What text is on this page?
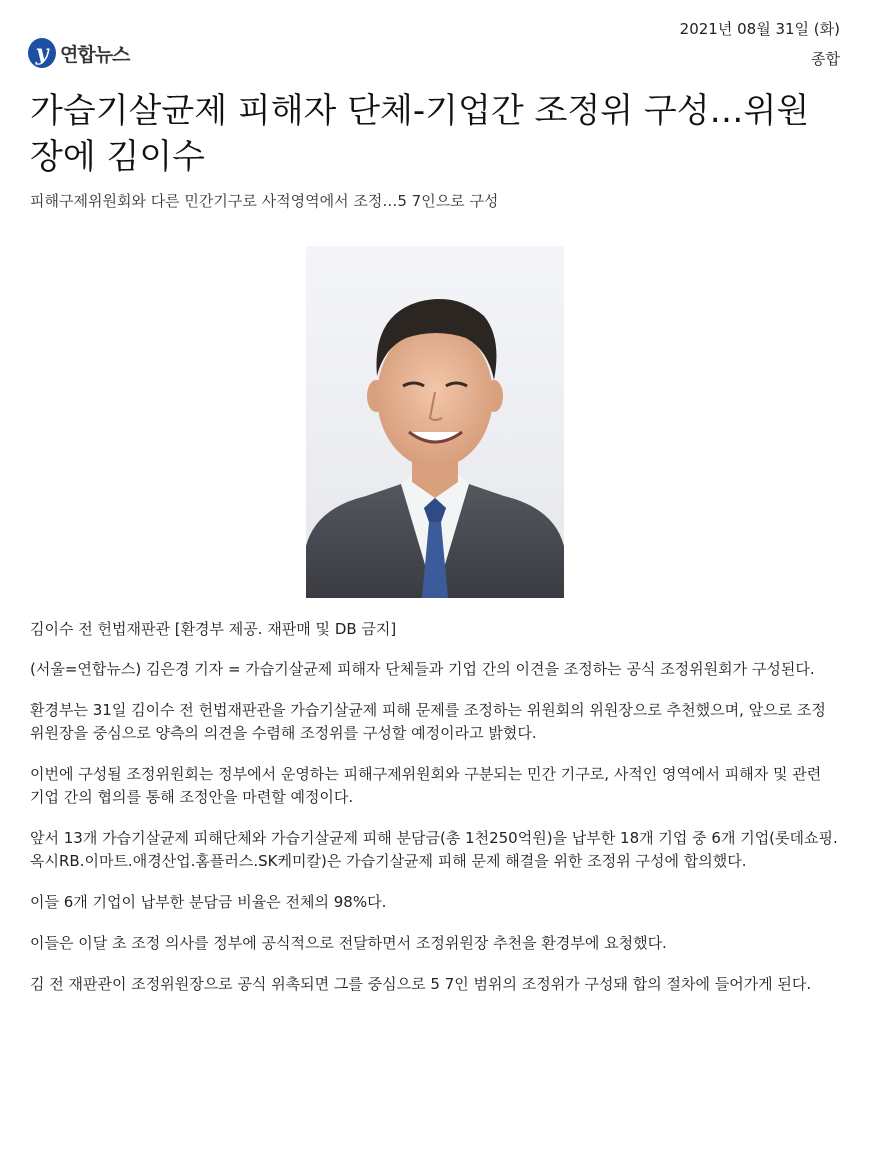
y 연합뉴스
2021년 08월 31일 (화)
종합
가습기살균제 피해자 단체-기업간 조정위 구성…위원장에 김이수

피해구제위원회와 다른 민간기구로 사적영역에서 조정…5 7인으로 구성

김이수 전 헌법재판관 [환경부 제공. 재판매 및 DB 금지]

(서울=연합뉴스) 김은경 기자 = 가습기살균제 피해자 단체들과 기업 간의 이견을 조정하는 공식 조정위원회가 구성된다.

환경부는 31일 김이수 전 헌법재판관을 가습기살균제 피해 문제를 조정하는 위원회의 위원장으로 추천했으며, 앞으로 조정위원장을 중심으로 양측의 의견을 수렴해 조정위를 구성할 예정이라고 밝혔다.

이번에 구성될 조정위원회는 정부에서 운영하는 피해구제위원회와 구분되는 민간 기구로, 사적인 영역에서 피해자 및 관련 기업 간의 협의를 통해 조정안을 마련할 예정이다.

앞서 13개 가습기살균제 피해단체와 가습기살균제 피해 분담금(총 1천250억원)을 납부한 18개 기업 중 6개 기업(롯데쇼핑.옥시RB.이마트.애경산업.홈플러스.SK케미칼)은 가습기살균제 피해 문제 해결을 위한 조정위 구성에 합의했다.

이들 6개 기업이 납부한 분담금 비율은 전체의 98%다.

이들은 이달 초 조정 의사를 정부에 공식적으로 전달하면서 조정위원장 추천을 환경부에 요청했다.

김 전 재판관이 조정위원장으로 공식 위촉되면 그를 중심으로 5 7인 범위의 조정위가 구성돼 합의 절차에 들어가게 된다.
